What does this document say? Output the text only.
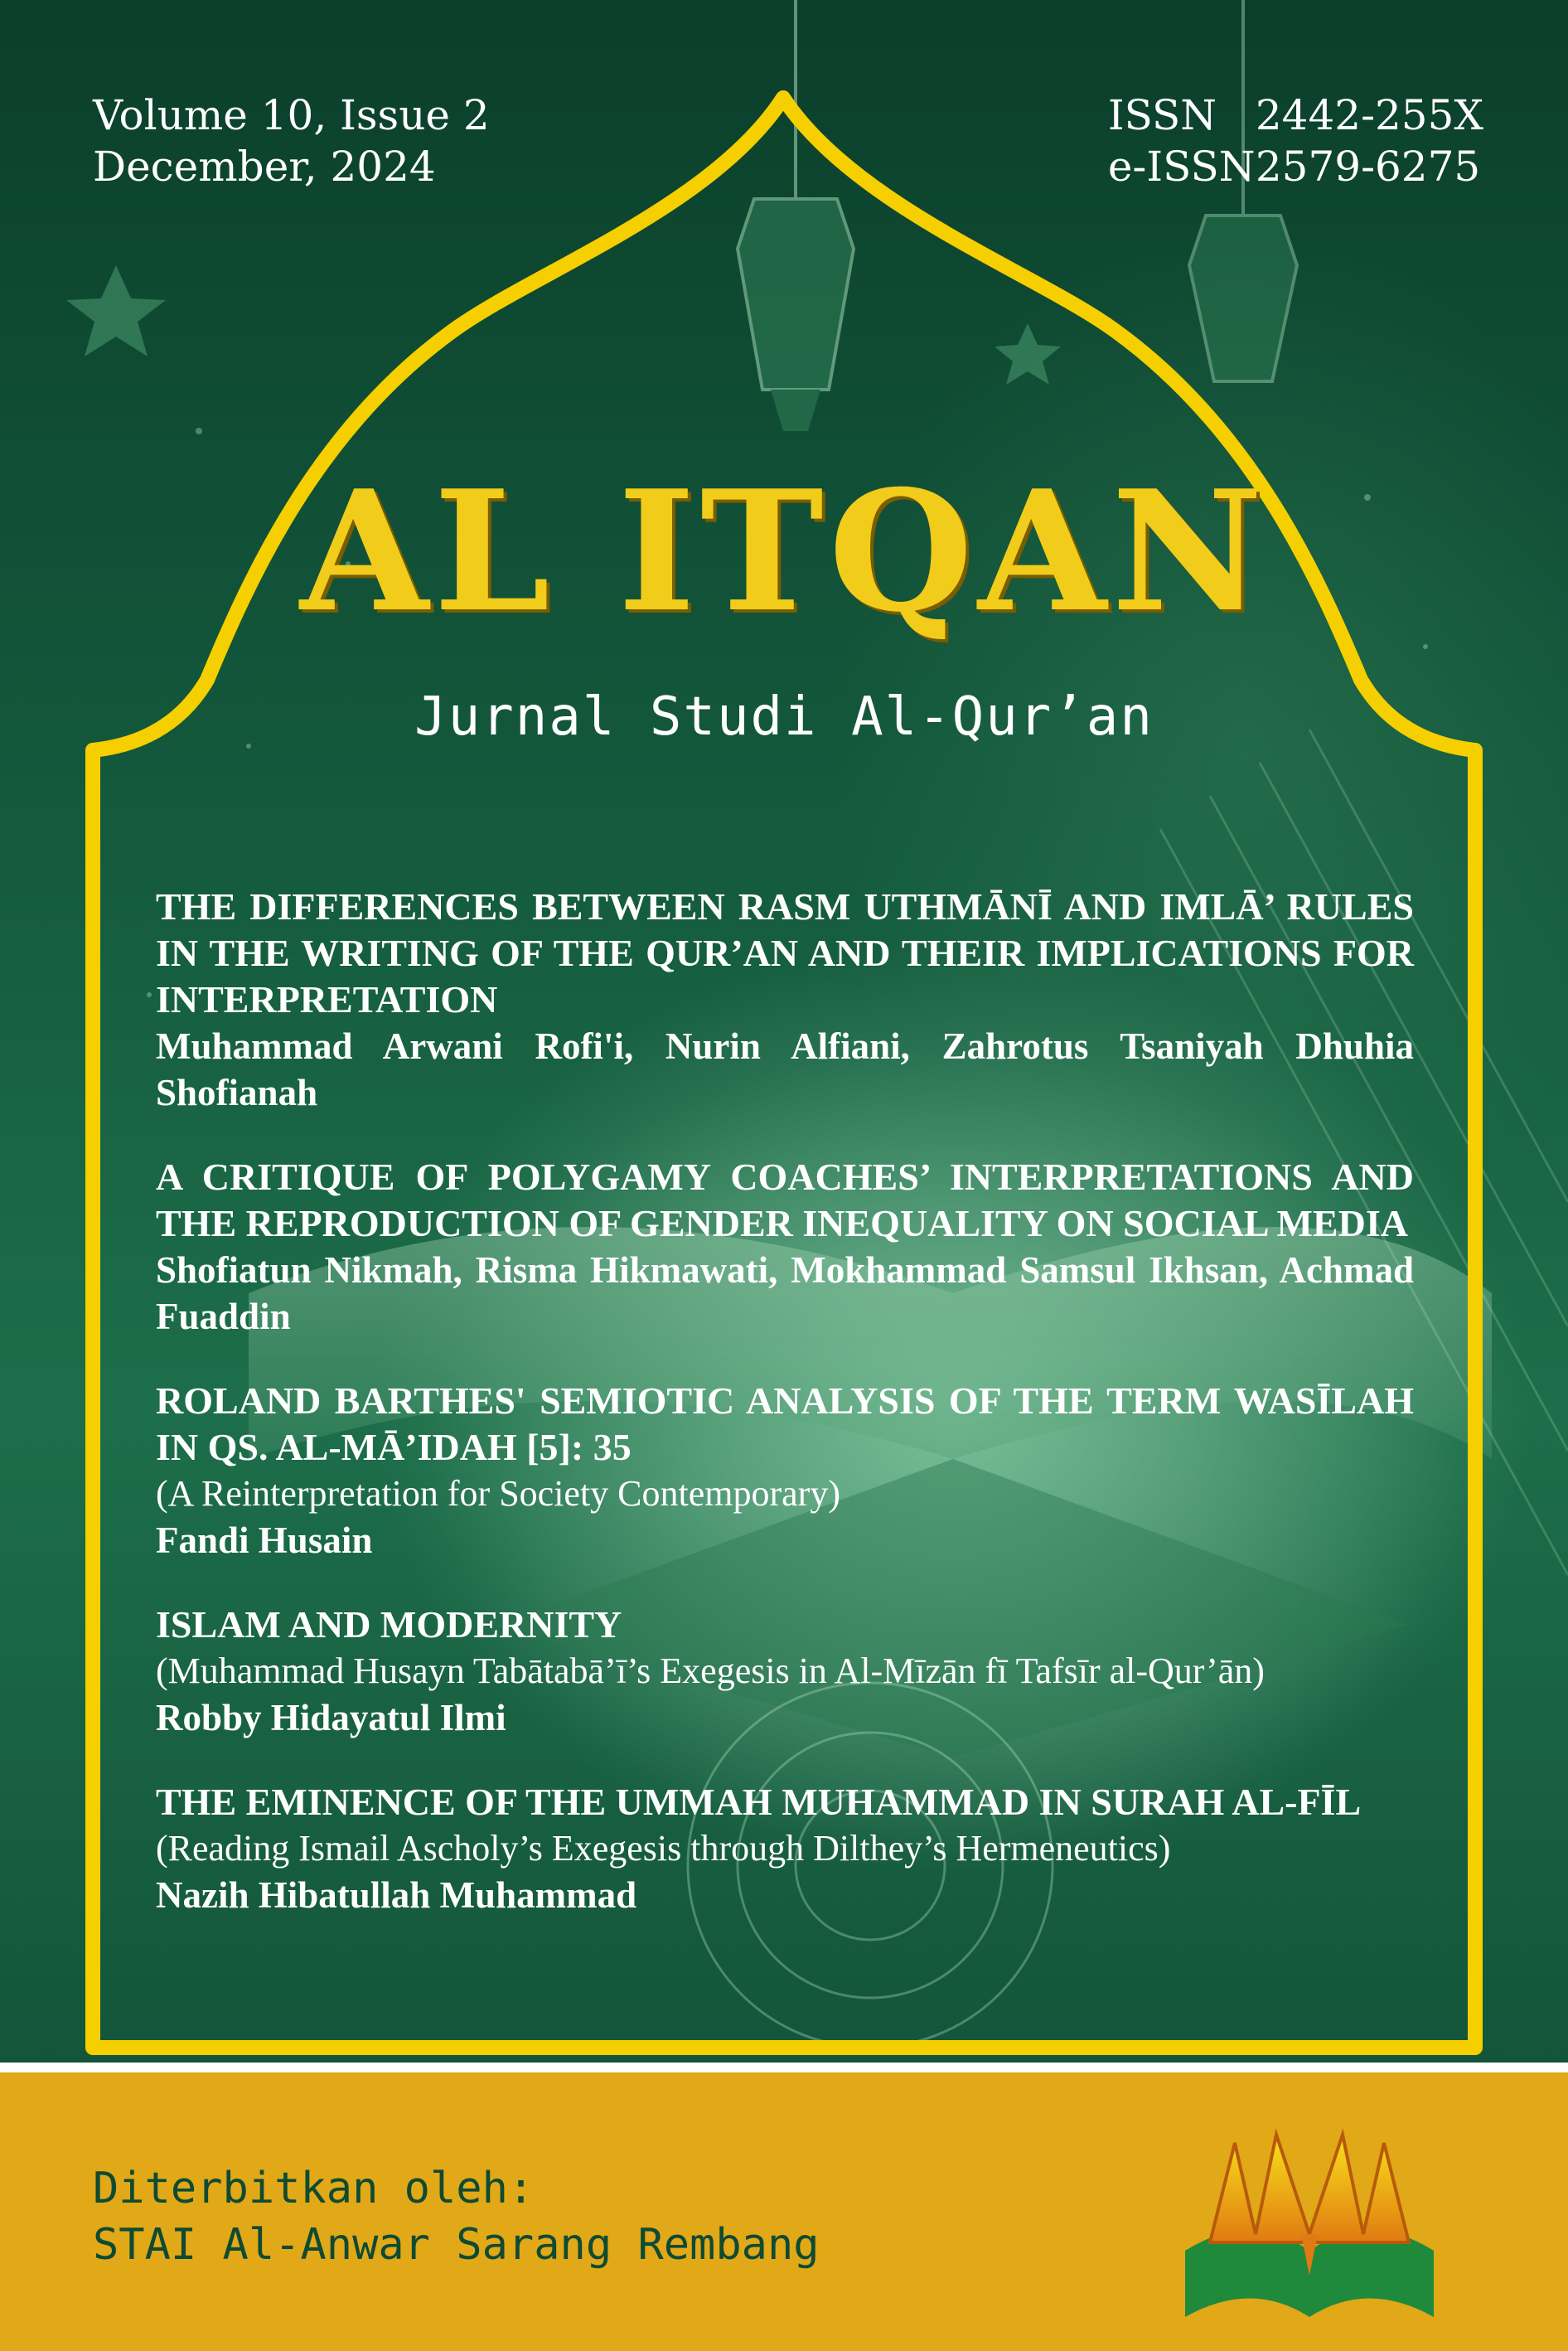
Volume 10, Issue 2
December, 2024
ISSN 2442-255X
e-ISSN 2579-6275
AL ITQAN
Jurnal Studi Al-Qur’an
THE DIFFERENCES BETWEEN RASM UTHMĀNĪ AND IMLĀ’ RULES IN THE WRITING OF THE QUR’AN AND THEIR IMPLICATIONS FOR INTERPRETATION
Muhammad Arwani Rofi'i, Nurin Alfiani, Zahrotus Tsaniyah Dhuhia Shofianah
A CRITIQUE OF POLYGAMY COACHES’ INTERPRETATIONS AND THE REPRODUCTION OF GENDER INEQUALITY ON SOCIAL MEDIA
Shofiatun Nikmah, Risma Hikmawati, Mokhammad Samsul Ikhsan, Achmad Fuaddin
ROLAND BARTHES' SEMIOTIC ANALYSIS OF THE TERM WASĪLAH IN QS. AL-MĀ’IDAH [5]: 35
(A Reinterpretation for Society Contemporary)
Fandi Husain
ISLAM AND MODERNITY
(Muhammad Husayn Tabātabā’ī’s Exegesis in Al-Mīzān fī Tafsīr al-Qur’ān)
Robby Hidayatul Ilmi
THE EMINENCE OF THE UMMAH MUHAMMAD IN SURAH AL-FĪL
(Reading Ismail Ascholy’s Exegesis through Dilthey’s Hermeneutics)
Nazih Hibatullah Muhammad
Diterbitkan oleh:
STAI Al-Anwar Sarang Rembang
